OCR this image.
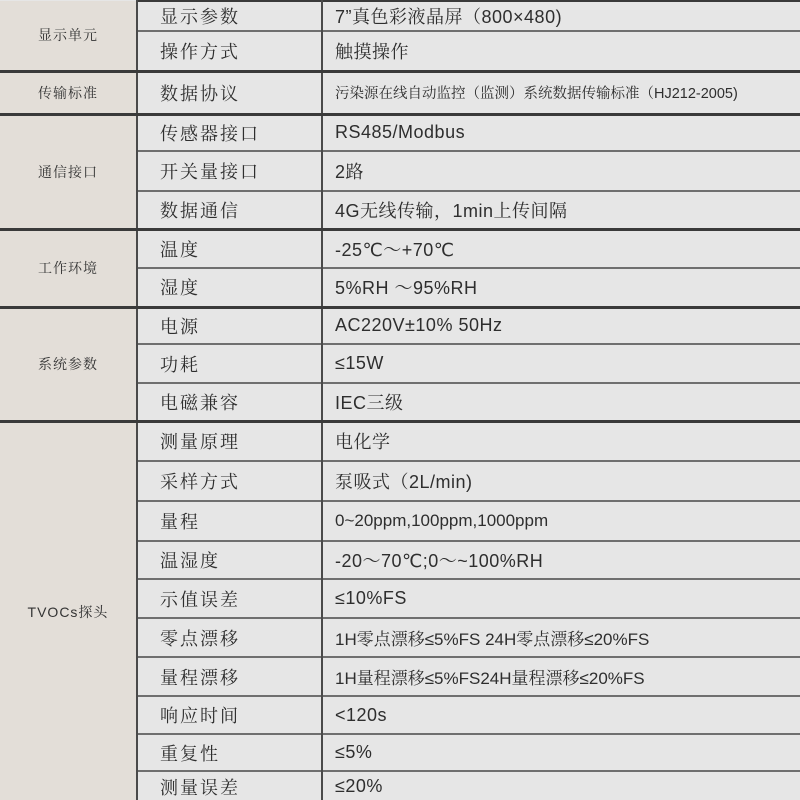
显示单元	显示参数	7”真色彩液晶屏（800×480)
	操作方式	触摸操作
传输标准	数据协议	污染源在线自动监控（监测）系统数据传输标准（HJ212-2005)
通信接口	传感器接口	RS485/Modbus
	开关量接口	2路
	数据通信	4G无线传输，1min上传间隔
工作环境	温度	-25℃～+70℃
	湿度	5%RH ～95%RH
系统参数	电源	AC220V±10% 50Hz
	功耗	≤15W
	电磁兼容	IEC三级
TVOCs探头	测量原理	电化学
	采样方式	泵吸式（2L/min)
	量程	0~20ppm,100ppm,1000ppm
	温湿度	-20～70℃;0～~100%RH
	示值误差	≤10%FS
	零点漂移	1H零点漂移≤5%FS 24H零点漂移≤20%FS
	量程漂移	1H量程漂移≤5%FS24H量程漂移≤20%FS
	响应时间	<120s
	重复性	≤5%
	测量误差	≤20%
